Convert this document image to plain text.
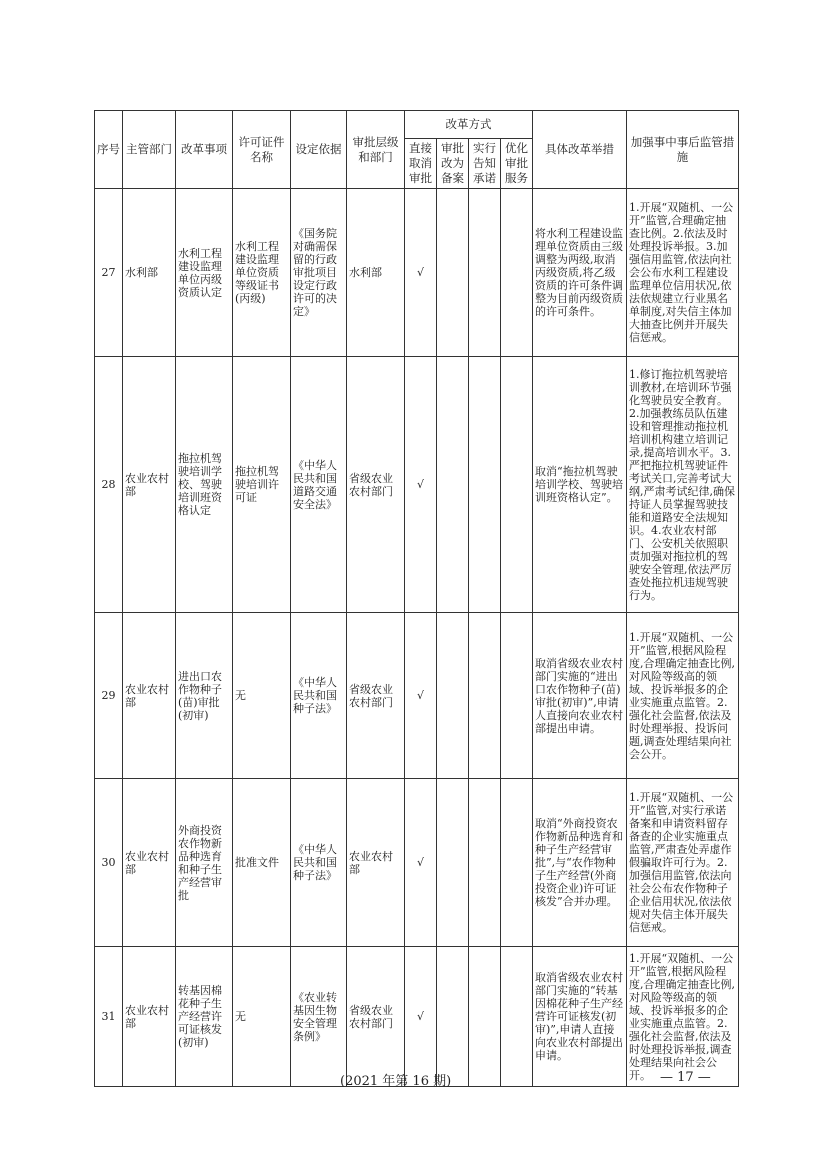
序号	主管部门	改革事项	许可证件名称	设定依据	审批层级和部门	改革方式				具体改革举措	加强事中事后监管措施
						直接取消审批	审批改为备案	实行告知承诺	优化审批服务		
27	水利部	水利工程建设监理单位丙级资质认定	水利工程建设监理单位资质等级证书(丙级)	《国务院对确需保留的行政审批项目设定行政许可的决定》	水利部	√				将水利工程建设监理单位资质由三级调整为两级,取消丙级资质,将乙级资质的许可条件调整为目前丙级资质的许可条件。	1.开展“双随机、一公开”监管,合理确定抽查比例。2.依法及时处理投诉举报。3.加强信用监管,依法向社会公布水利工程建设监理单位信用状况,依法依规建立行业黑名单制度,对失信主体加大抽查比例并开展失信惩戒。
28	农业农村部	拖拉机驾驶培训学校、驾驶培训班资格认定	拖拉机驾驶培训许可证	《中华人民共和国道路交通安全法》	省级农业农村部门	√				取消“拖拉机驾驶培训学校、驾驶培训班资格认定”。	1.修订拖拉机驾驶培训教材,在培训环节强化驾驶员安全教育。2.加强教练员队伍建设和管理推动拖拉机培训机构建立培训记录,提高培训水平。3.严把拖拉机驾驶证件考试关口,完善考试大纲,严肃考试纪律,确保持证人员掌握驾驶技能和道路安全法规知识。4.农业农村部门、公安机关依照职责加强对拖拉机的驾驶安全管理,依法严厉查处拖拉机违规驾驶行为。
29	农业农村部	进出口农作物种子(苗)审批(初审)	无	《中华人民共和国种子法》	省级农业农村部门	√				取消省级农业农村部门实施的“进出口农作物种子(苗)审批(初审)”,申请人直接向农业农村部提出申请。	1.开展“双随机、一公开”监管,根据风险程度,合理确定抽查比例,对风险等级高的领域、投诉举报多的企业实施重点监管。2.强化社会监督,依法及时处理举报、投诉问题,调查处理结果向社会公开。
30	农业农村部	外商投资农作物新品种选育和种子生产经营审批	批准文件	《中华人民共和国种子法》	农业农村部	√				取消“外商投资农作物新品种选育和种子生产经营审批”,与“农作物种子生产经营(外商投资企业)许可证核发”合并办理。	1.开展“双随机、一公开”监管,对实行承诺备案和申请资料留存备查的企业实施重点监管,严肃查处弄虚作假骗取许可行为。2.加强信用监管,依法向社会公布农作物种子企业信用状况,依法依规对失信主体开展失信惩戒。
31	农业农村部	转基因棉花种子生产经营许可证核发(初审)	无	《农业转基因生物安全管理条例》	省级农业农村部门	√				取消省级农业农村部门实施的“转基因棉花种子生产经营许可证核发(初审)”,申请人直接向农业农村部提出申请。	1.开展“双随机、一公开”监管,根据风险程度,合理确定抽查比例,对风险等级高的领域、投诉举报多的企业实施重点监管。2.强化社会监督,依法及时处理投诉举报,调查处理结果向社会公开。
(2021 年第 16 期)	— 17 —
